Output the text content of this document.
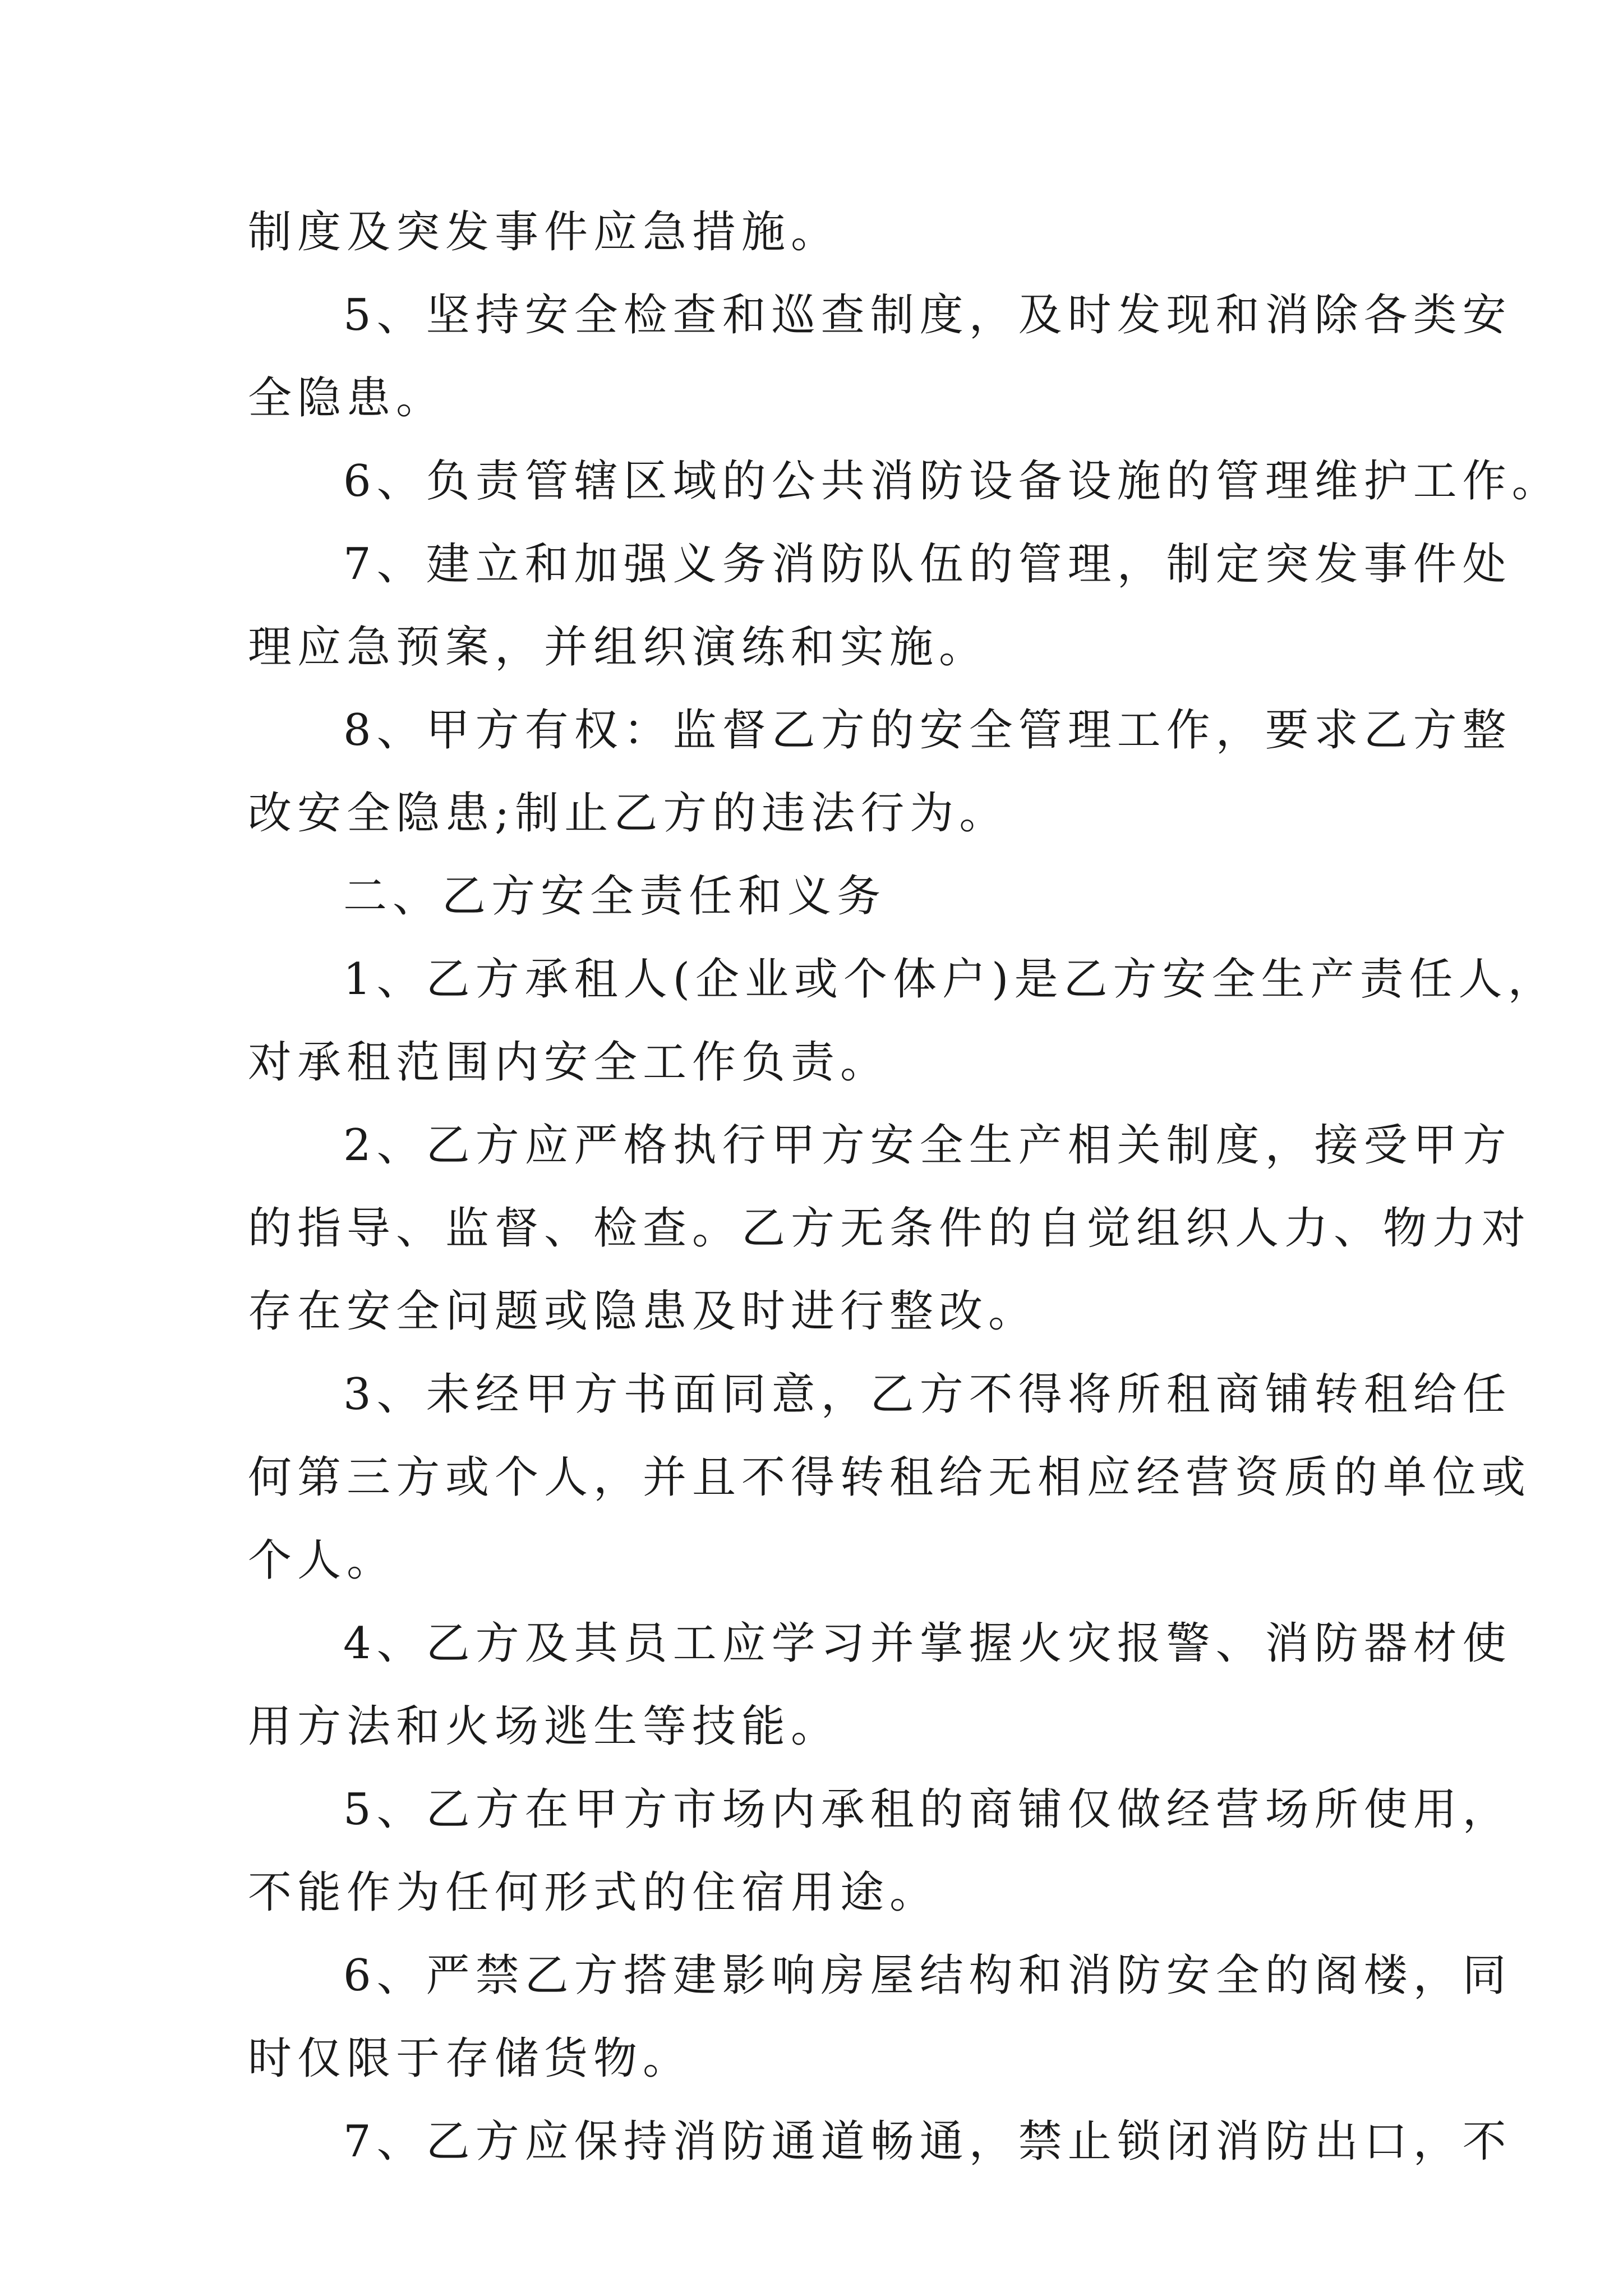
制度及突发事件应急措施。
5、坚持安全检查和巡查制度，及时发现和消除各类安
全隐患。
6、负责管辖区域的公共消防设备设施的管理维护工作。
7、建立和加强义务消防队伍的管理，制定突发事件处
理应急预案，并组织演练和实施。
8、甲方有权：监督乙方的安全管理工作，要求乙方整
改安全隐患;制止乙方的违法行为。
二、乙方安全责任和义务
1、乙方承租人(企业或个体户)是乙方安全生产责任人，
对承租范围内安全工作负责。
2、乙方应严格执行甲方安全生产相关制度，接受甲方
的指导、监督、检查。乙方无条件的自觉组织人力、物力对
存在安全问题或隐患及时进行整改。
3、未经甲方书面同意，乙方不得将所租商铺转租给任
何第三方或个人，并且不得转租给无相应经营资质的单位或
个人。
4、乙方及其员工应学习并掌握火灾报警、消防器材使
用方法和火场逃生等技能。
5、乙方在甲方市场内承租的商铺仅做经营场所使用，
不能作为任何形式的住宿用途。
6、严禁乙方搭建影响房屋结构和消防安全的阁楼，同
时仅限于存储货物。
7、乙方应保持消防通道畅通，禁止锁闭消防出口，不
